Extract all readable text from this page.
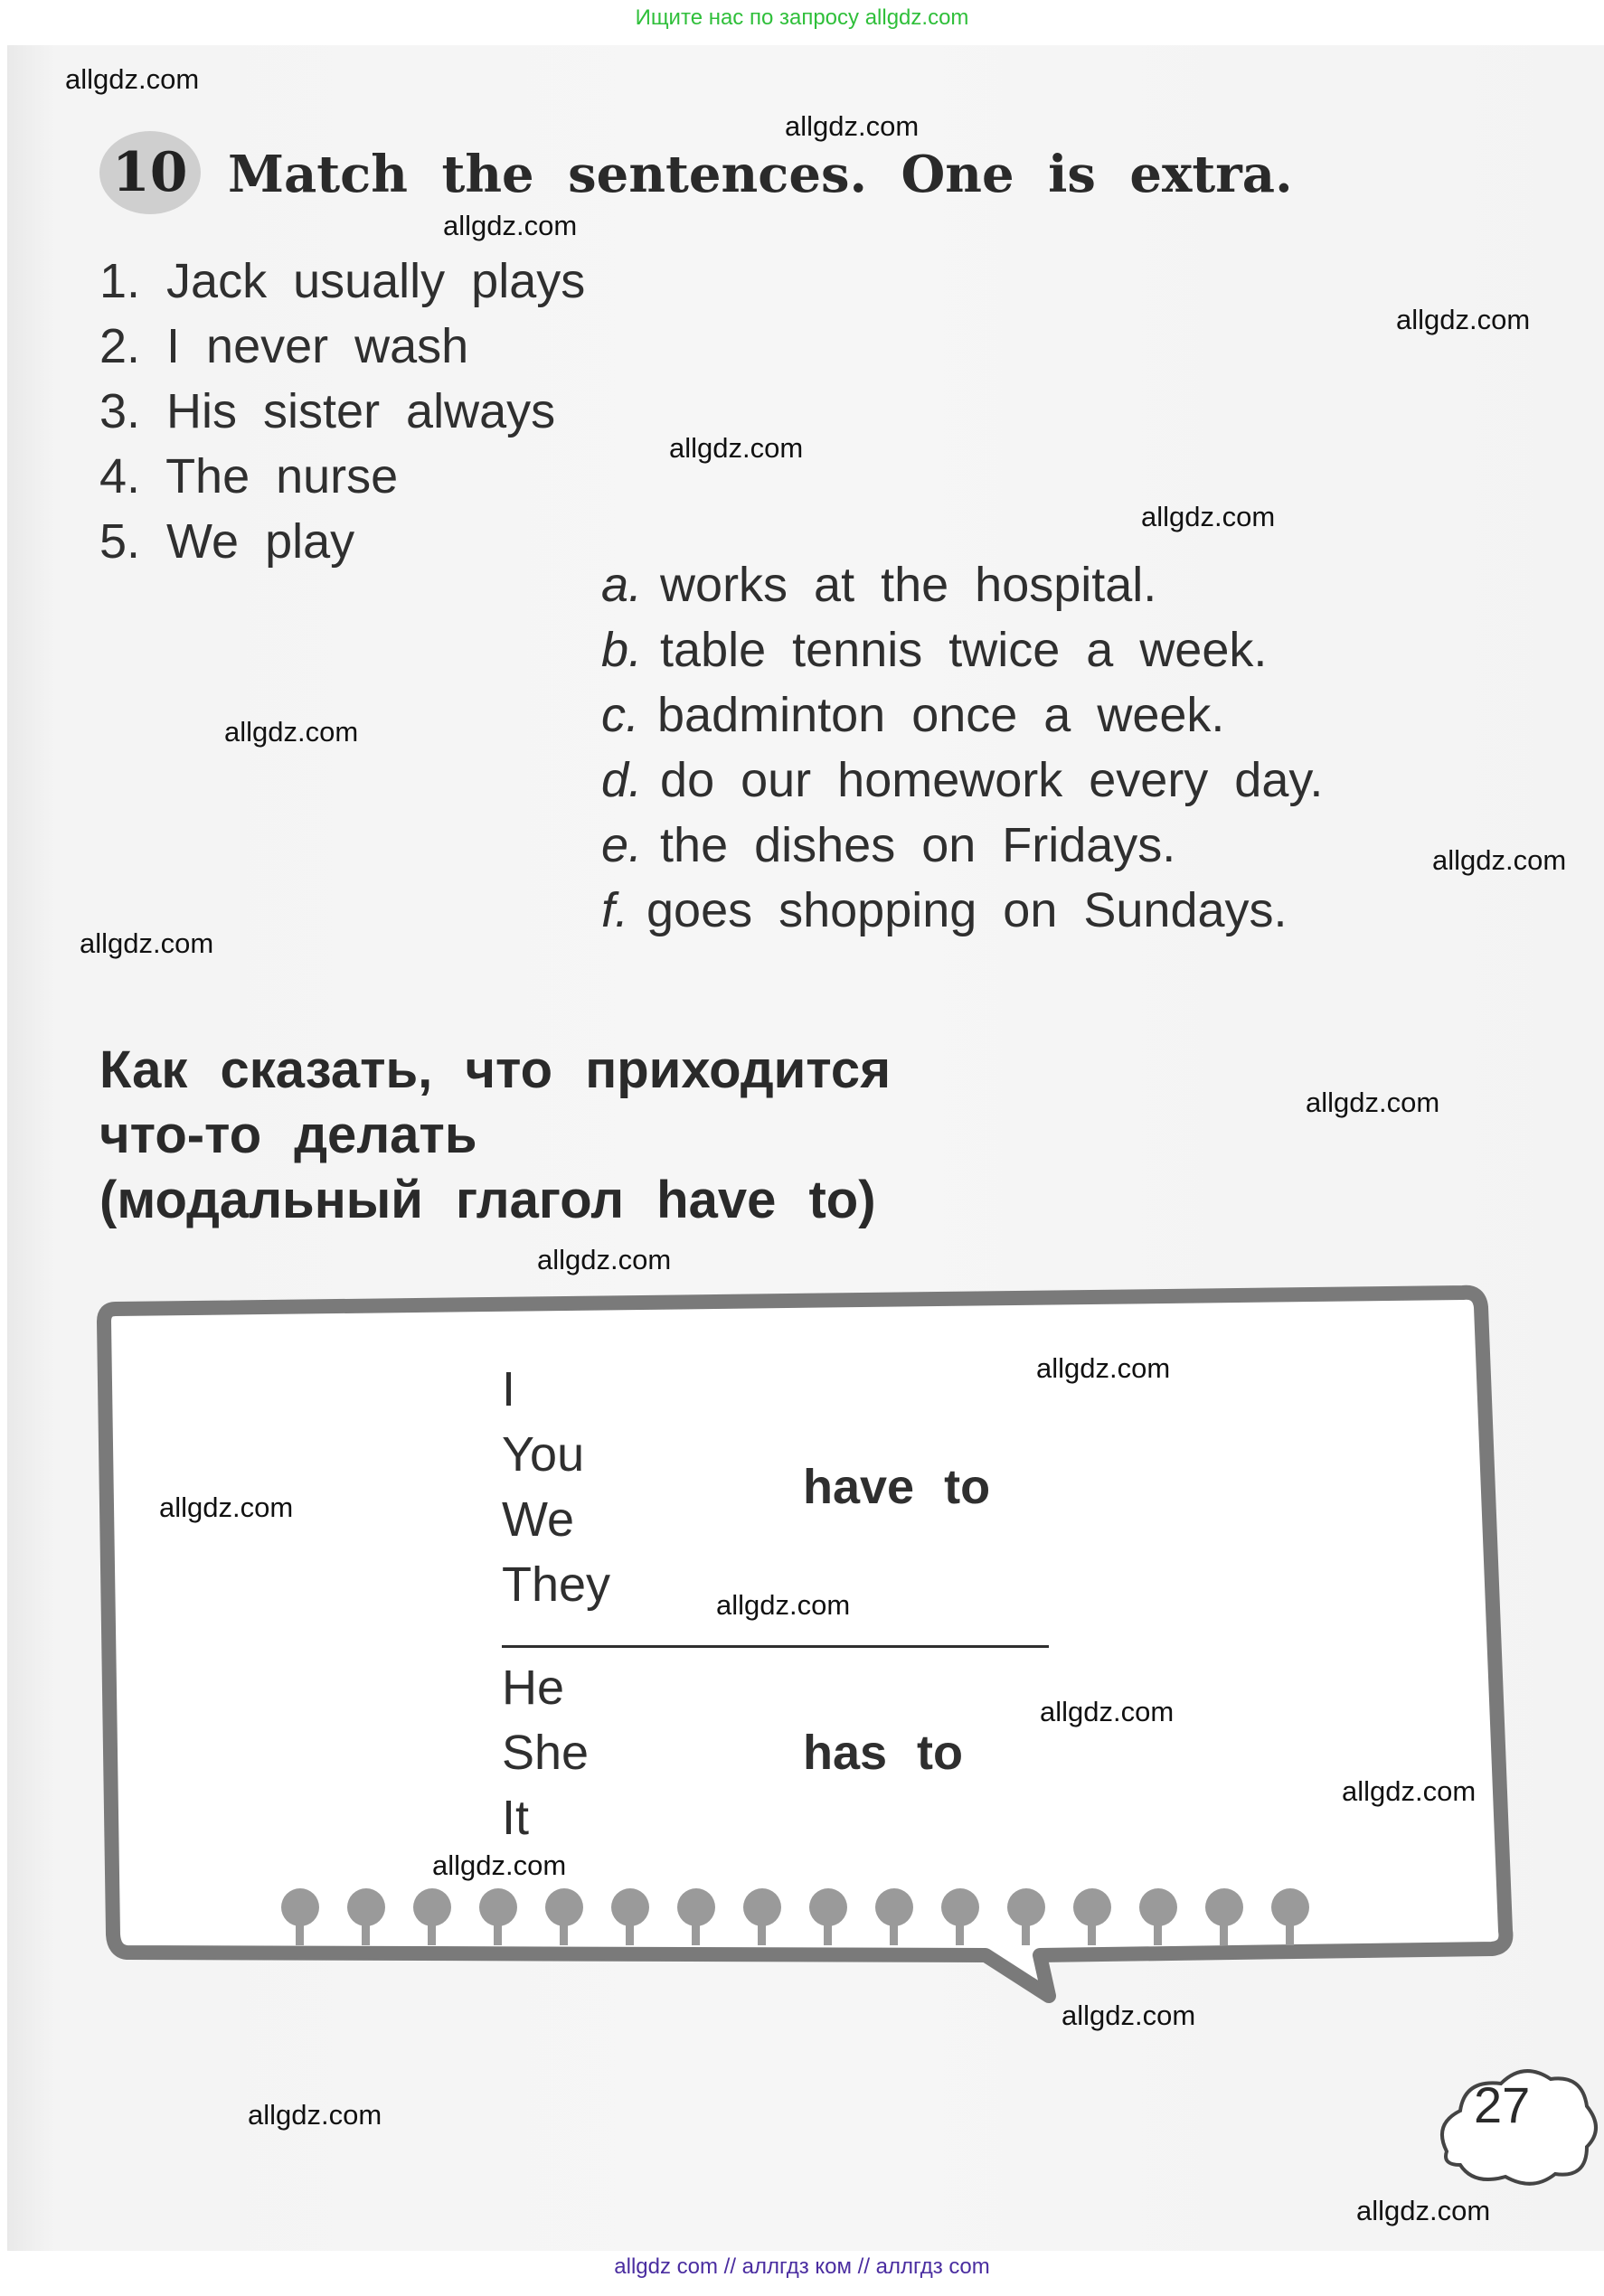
Ищите нас по запросу allgdz.com
10 Match the sentences. One is extra.
1. Jack usually plays
2. I never wash
3. His sister always
4. The nurse
5. We play
a. works at the hospital.
b. table tennis twice a week.
c. badminton once a week.
d. do our homework every day.
e. the dishes on Fridays.
f. goes shopping on Sundays.
Как сказать, что приходится
что-то делать
(модальный глагол have to)
I
You
We
They
have to
He
She
It
has to
27
allgdz.com
allgdz.com
allgdz.com
allgdz.com
allgdz.com
allgdz.com
allgdz.com
allgdz.com
allgdz.com
allgdz.com
allgdz.com
allgdz.com
allgdz.com
allgdz.com
allgdz.com
allgdz.com
allgdz.com
allgdz.com
allgdz.com
allgdz.com
allgdz com // аллгдз ком // аллгдз com
